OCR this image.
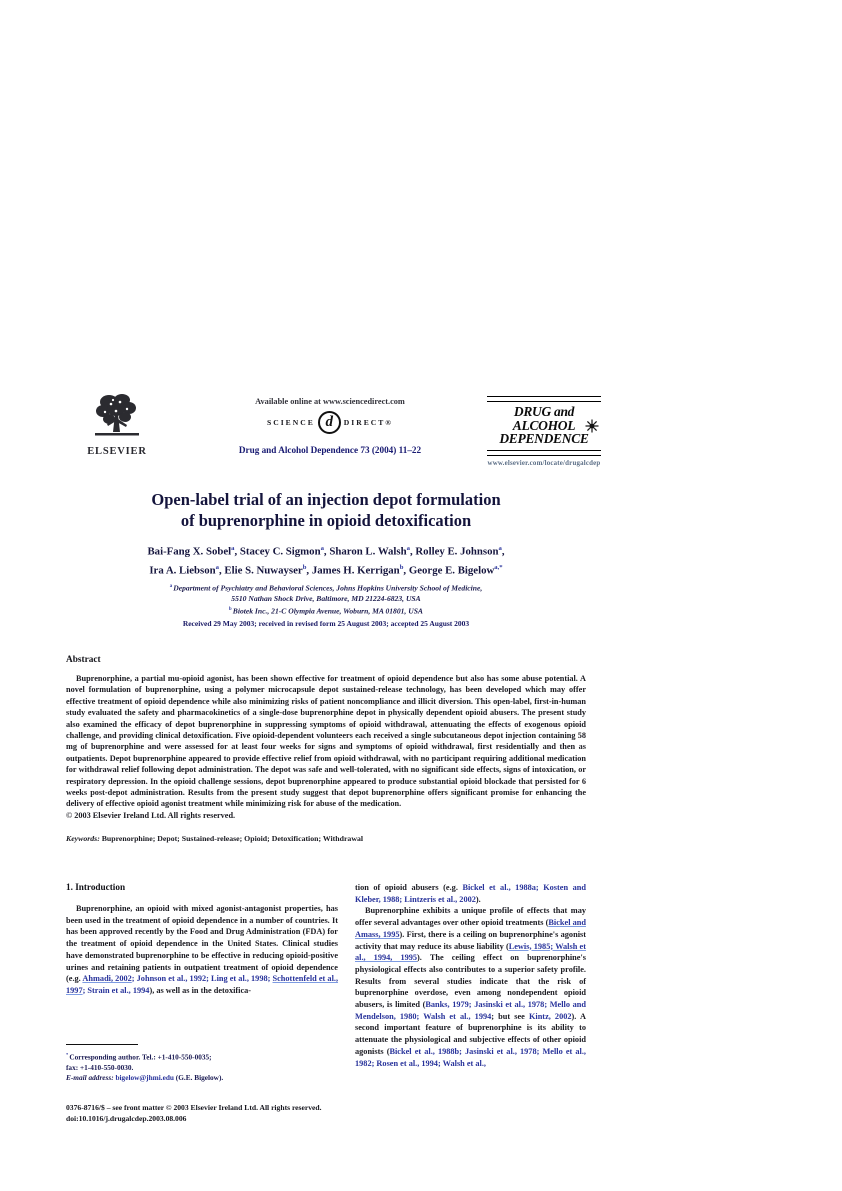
ELSEVIER
Available online at www.sciencedirect.com
SCIENCE d	DIRECT®
Drug and Alcohol Dependence 73 (2004) 11–22
DRUG and
ALCOHOL
DEPENDENCE
www.elsevier.com/locate/drugalcdep
Open-label trial of an injection depot formulation
of buprenorphine in opioid detoxification
Bai-Fang X. Sobel$^a$, Stacey C. Sigmon$^a$, Sharon L. Walsh$^a$, Rolley E. Johnson$^a$,
Ira A. Liebson$^a$, Elie S. Nuwayser$^b$, James H. Kerrigan$^b$, George E. Bigelow$^{a,*}$
$^a$ Department of Psychiatry and Behavioral Sciences, Johns Hopkins University School of Medicine,
5510 Nathan Shock Drive, Baltimore, MD 21224-6823, USA
$^b$ Biotek Inc., 21-C Olympia Avenue, Woburn, MA 01801, USA
Received 29 May 2003; received in revised form 25 August 2003; accepted 25 August 2003
Abstract
Buprenorphine, a partial mu-opioid agonist, has been shown effective for treatment of opioid dependence but also has some abuse potential. A novel formulation of buprenorphine, using a polymer microcapsule depot sustained-release technology, has been developed which may offer effective treatment of opioid dependence while also minimizing risks of patient noncompliance and illicit diversion. This open-label, first-in-human study evaluated the safety and pharmacokinetics of a single-dose buprenorphine depot in physically dependent opioid abusers. The present study also examined the efficacy of depot buprenorphine in suppressing symptoms of opioid withdrawal, attenuating the effects of exogenous opioid challenge, and providing clinical detoxification. Five opioid-dependent volunteers each received a single subcutaneous depot injection containing 58 mg of buprenorphine and were assessed for at least four weeks for signs and symptoms of opioid withdrawal, first residentially and then as outpatients. Depot buprenorphine appeared to provide effective relief from opioid withdrawal, with no participant requiring additional medication for withdrawal relief following depot administration. The depot was safe and well-tolerated, with no significant side effects, signs of intoxication, or respiratory depression. In the opioid challenge sessions, depot buprenorphine appeared to produce substantial opioid blockade that persisted for 6 weeks post-depot administration. Results from the present study suggest that depot buprenorphine offers significant promise for enhancing the delivery of effective opioid agonist treatment while minimizing risk for abuse of the medication.
© 2003 Elsevier Ireland Ltd. All rights reserved.
Keywords: Buprenorphine; Depot; Sustained-release; Opioid; Detoxification; Withdrawal
1. Introduction
Buprenorphine, an opioid with mixed agonist-antagonist properties, has been used in the treatment of opioid dependence in a number of countries. It has been approved recently by the Food and Drug Administration (FDA) for the treatment of opioid dependence in the United States. Clinical studies have demonstrated buprenorphine to be effective in reducing opioid-positive urines and retaining patients in outpatient treatment of opioid dependence (e.g. Ahmadi, 2002; Johnson et al., 1992; Ling et al., 1998; Schottenfeld et al., 1997; Strain et al., 1994), as well as in the detoxifica-
tion of opioid abusers (e.g. Bickel et al., 1988a; Kosten and Kleber, 1988; Lintzeris et al., 2002).
Buprenorphine exhibits a unique profile of effects that may offer several advantages over other opioid treatments (Bickel and Amass, 1995). First, there is a ceiling on buprenorphine's agonist activity that may reduce its abuse liability (Lewis, 1985; Walsh et al., 1994, 1995). The ceiling effect on buprenorphine's physiological effects also contributes to a superior safety profile. Results from several studies indicate that the risk of buprenorphine overdose, even among nondependent opioid abusers, is limited (Banks, 1979; Jasinski et al., 1978; Mello and Mendelson, 1980; Walsh et al., 1994; but see Kintz, 2002). A second important feature of buprenorphine is its ability to attenuate the physiological and subjective effects of other opioid agonists (Bickel et al., 1988b; Jasinski et al., 1978; Mello et al., 1982; Rosen et al., 1994; Walsh et al.,
* Corresponding author. Tel.: +1-410-550-0035;
fax: +1-410-550-0030.
E-mail address: bigelow@jhmi.edu (G.E. Bigelow).
0376-8716/$ – see front matter © 2003 Elsevier Ireland Ltd. All rights reserved.
doi:10.1016/j.drugalcdep.2003.08.006
